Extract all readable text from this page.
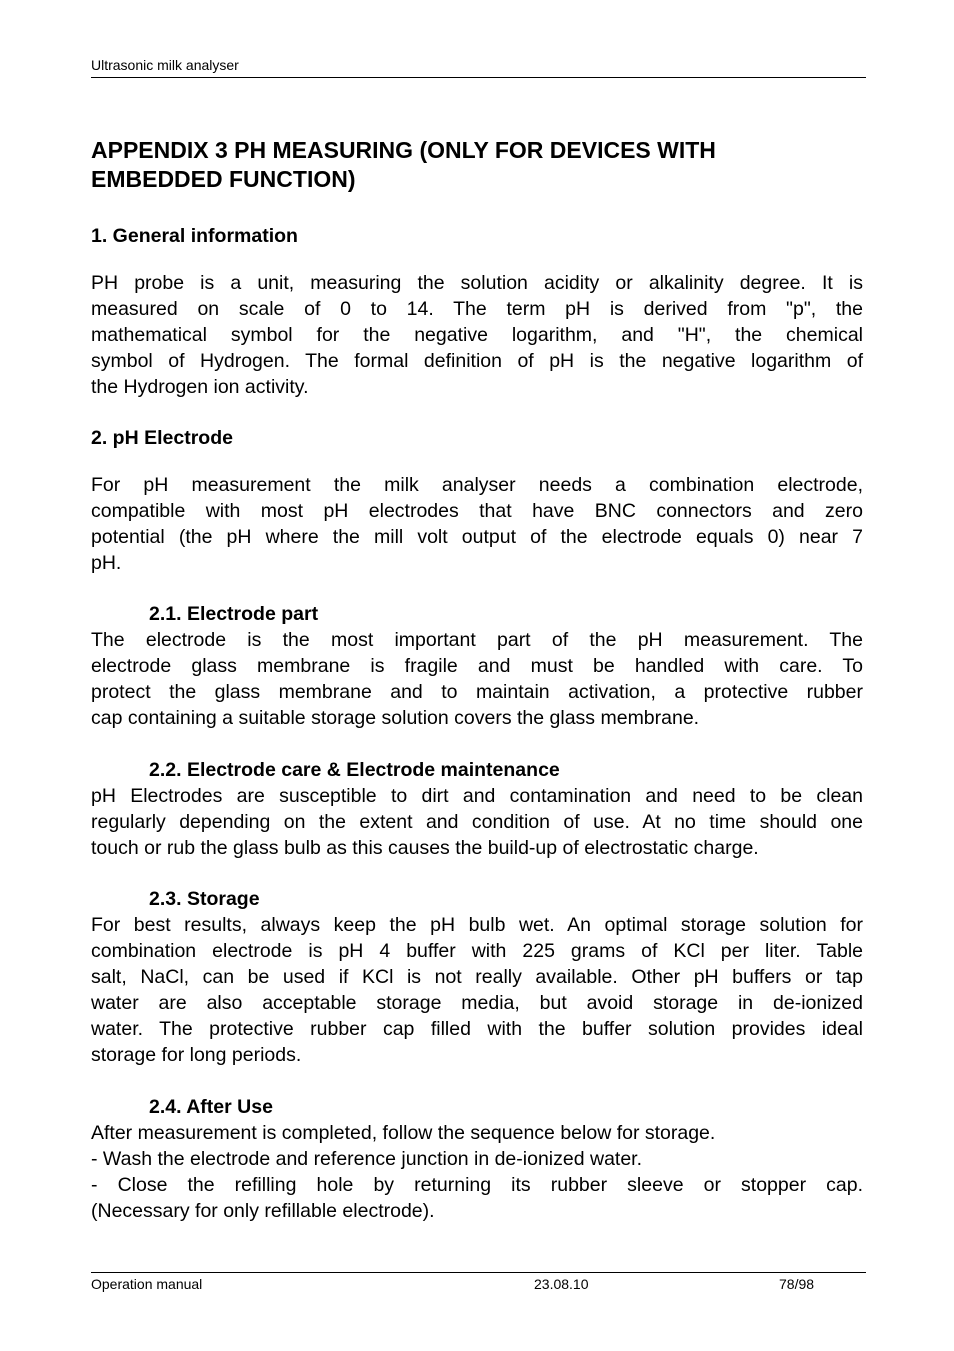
Ultrasonic milk analyser
APPENDIX 3 PH MEASURING (ONLY FOR DEVICES WITH
EMBEDDED FUNCTION)
1. General information
PH probe is a unit, measuring the solution acidity or alkalinity degree. It is
measured on scale of 0 to 14. The term pH is derived from "p", the
mathematical symbol for the negative logarithm, and "H", the chemical
symbol of Hydrogen. The formal definition of pH is the negative logarithm of
the Hydrogen ion activity.
2. pH Electrode
For pH measurement the milk analyser needs a combination electrode,
compatible with most pH electrodes that have BNC connectors and zero
potential (the pH where the mill volt output of the electrode equals 0) near 7
pH.
2.1. Electrode part
The electrode is the most important part of the pH measurement. The
electrode glass membrane is fragile and must be handled with care. To
protect the glass membrane and to maintain activation, a protective rubber
cap containing a suitable storage solution covers the glass membrane.
2.2. Electrode care & Electrode maintenance
pH Electrodes are susceptible to dirt and contamination and need to be clean
regularly depending on the extent and condition of use. At no time should one
touch or rub the glass bulb as this causes the build-up of electrostatic charge.
2.3. Storage
For best results, always keep the pH bulb wet. An optimal storage solution for
combination electrode is pH 4 buffer with 225 grams of KCl per liter. Table
salt, NaCl, can be used if KCl is not really available. Other pH buffers or tap
water are also acceptable storage media, but avoid storage in de-ionized
water. The protective rubber cap filled with the buffer solution provides ideal
storage for long periods.
2.4. After Use
After measurement is completed, follow the sequence below for storage.
- Wash the electrode and reference junction in de-ionized water.
- Close the refilling hole by returning its rubber sleeve or stopper cap.
(Necessary for only refillable electrode).
Operation manual	23.08.10	78/98
